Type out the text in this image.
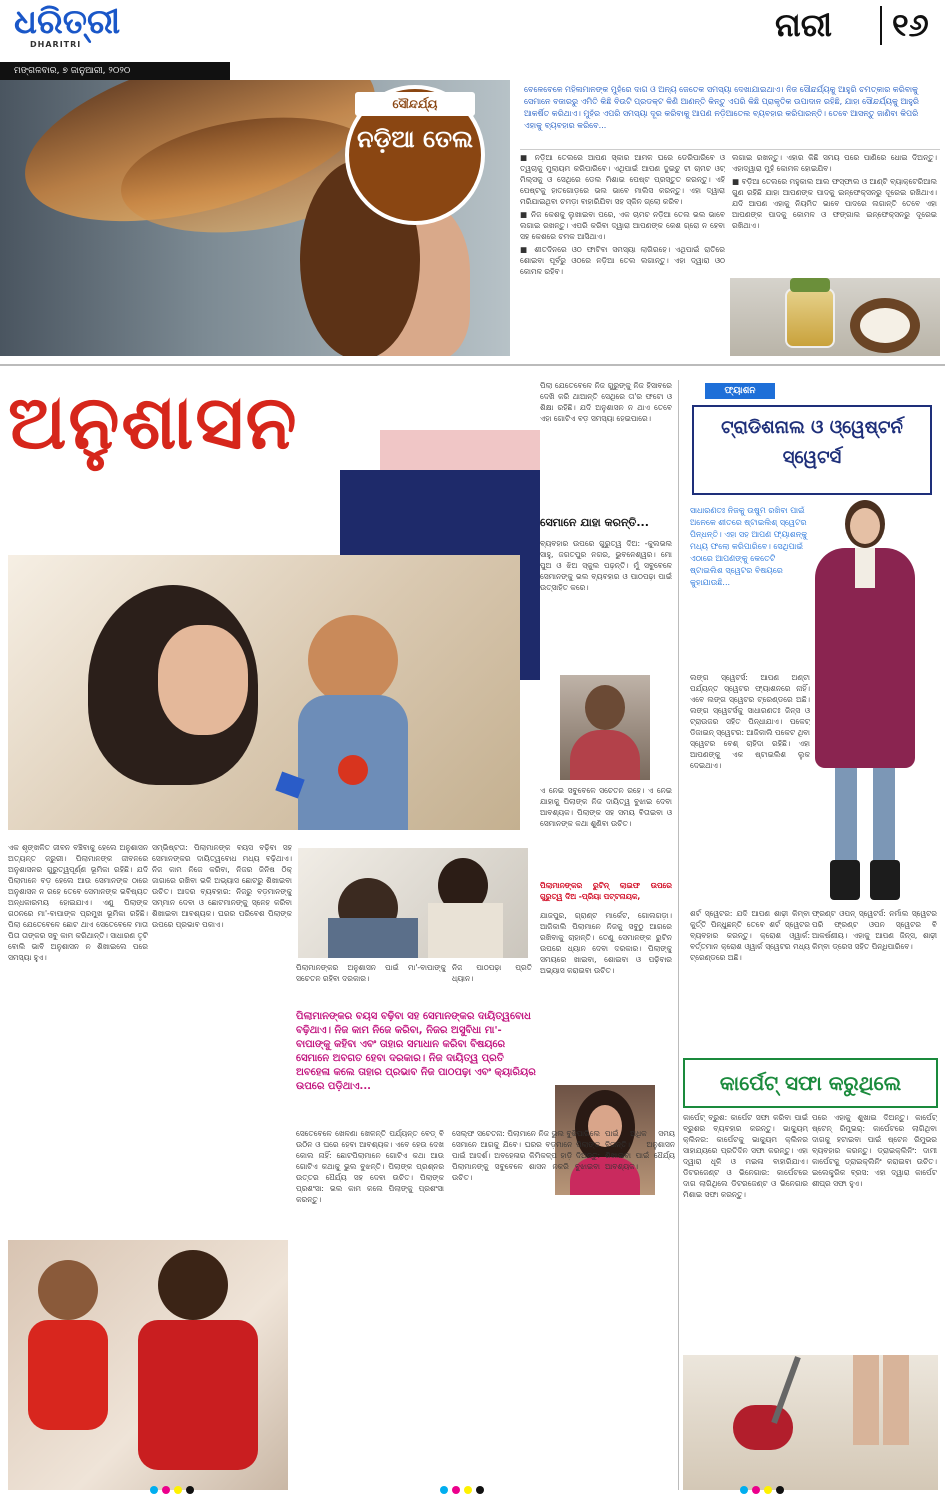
ଧରିତ୍ରୀ
DHARITRI
ନାରୀ	୧୬
ମଙ୍ଗଳବାର, ୭ ଜାନୁଆରୀ, ୨୦୨୦
ସୌନ୍ଦର୍ଯ୍ୟ
ନଡ଼ିଆ ତେଲ
ବେଳେବେଳେ ମହିଳାମାନଙ୍କ ମୁହଁରେ ଦାଗ ଓ ଅନ୍ୟ ଜେତେକ ସମସ୍ୟା ଦେଖାଯାଇଥାଏ। ନିଜ ସୌନ୍ଦର୍ଯ୍ୟକୁ ଆହୁରି ଚମତ୍କାର କରିବାକୁ ସେମାନେ ବଜାରରୁ ଏମିତି କିଛି ବିଉଟି ପ୍ରଡକ୍ଟ କିଣି ଆଣନ୍ତି କିନ୍ତୁ ଏପରି କିଛି ପ୍ରାକୃତିକ ଉପାଦାନ ରହିଛି, ଯାହା ସୌନ୍ଦର୍ଯ୍ୟକୁ ଆହୁରି ଆକର୍ଷିତ କରିଥାଏ। ମୁହଁର ଏପରି ସମସ୍ୟା ଦୂର କରିବାକୁ ଆପଣ ନଡ଼ିଆତେଲ ବ୍ୟବହାର କରିପାରନ୍ତି। ତେବେ ଆସନ୍ତୁ ଜାଣିବା କିପରି ଏହାକୁ ବ୍ୟବହାର କରିବେ...

■ ନଡ଼ିଆ ତେଲରେ ଆପଣ ସ୍କାର ଆମଳ ଘରେ ଡେରିପାରିବେ ଓ ତ୍ୱଚାକୁ ମୁଲାୟମ କରିପାରିବେ। ଏଥିପାଇଁ ଆପଣ ଦୁଇଚୁ ଟୀ ଚାମଚ ଓଟ୍ ମିଲ୍ସକୁ ଓ ସେଥିରେ ଡେଲ ମିଶାଇ ପେଷ୍ଟ ପ୍ରସ୍ତୁତ କରନ୍ତୁ। ଏହି ପେଷ୍ଟକୁ ହାତଗୋଡ଼ରେ ଭଲ ଭାବେ ମାଲିସ କରନ୍ତୁ। ଏହା ଦ୍ୱାରା ମରିଯାଇଥିବା ଚମଡ଼ା ବାହାରିଯିବା ସହ ସ୍କିନ ଗ୍ଲୋ କରିବ।

■ ନିଜ କେଶକୁ ଲୁଖାଇବା ପରେ, ଏକ ଚାମଚ ନଡ଼ିଆ ତେଲ ଭଲ ଭାବେ ଲଗାଇ ରଖନ୍ତୁ। ଏପରି କରିବା ଦ୍ୱାରା ଆପଣଙ୍କ କେଶ ଗ୍ରୋ ନ ହେବା ସହ କେଶରେ ଚମକ ଆସିଥାଏ।

■ ଶୀତଦିନରେ ଓଠ ଫାଟିବା ସମସ୍ୟା ଲାଗିରହେ। ଏଥିପାଇଁ ରାତିରେ ଶୋଇବା ପୂର୍ବରୁ ଓଠରେ ନଡ଼ିଆ ତେଲ ଲଗାନ୍ତୁ। ଏହା ଦ୍ୱାରା ଓଠ କୋମଳ ରହିବ।

ଲଗାଇ ରଖନ୍ତୁ। ଏହାର କିଛି ସମୟ ପରେ ପାଣିରେ ଧୋଇ ଦିଅନ୍ତୁ। ଏହାଦ୍ୱାରା ମୁହଁ କୋମଳ ହୋଇଯିବ।

■ ବଡ଼ିଆ ତେଲରେ ମହୁକାଲ ଆଲ ଫସ୍ଫାଲ ଓ ଆଣ୍ଟି ବ୍ୟାକ୍ଟେରିଆଲ ଗୁଣ ରହିଛି ଯାହା ଆପଣଙ୍କ ପାଦକୁ ଇନ୍ଫେକ୍ସନରୁ ଦୂରେଇ ରଖିଥାଏ। ଯଦି ଆପଣ ଏହାକୁ ନିୟମିତ ଭାବେ ପାଦରେ ଲଗାନ୍ତି ତେବେ ଏହା ଆପଣଙ୍କ ପାଦକୁ କୋମଳ ଓ ଫଙ୍ଗାଲ ଇନ୍ଫେକ୍ସନରୁ ଦୂରେଇ ରଖିଥାଏ।

ଅନୁଶାସନ	ପିଲା ଯେତେବେଳେ ନିଜ ଗୁରୁଙ୍କୁ ନିଜ ହିସାବରେ ଦେଖି କରି ଥାଆନ୍ତି ସେଥିରେ ତା'ର ଫଟୋ ଓ ଶିକ୍ଷା ରହିଛି। ଯଦି ଅନୁଶାସନ ନ ଥାଏ ତେବେ ଏହା ଗୋଟିଏ ବଡ଼ ସମସ୍ୟା ହେଇପାରେ।
ସେମାନେ ଯାହା କରନ୍ତି...
ବ୍ୟବହାର ଉପରେ ଗୁରୁତ୍ୱ ଦିଅ: -କୁଲଭଲ ସାହୁ, ଜଗତପୁର ନଗର, ଭୁବନେଶ୍ୱର। ମୋ ପୁଅ ଓ ଝିଅ ସ୍କୁଲ ପଢ଼ନ୍ତି। ମୁଁ ସବୁବେଳେ ସେମାନଙ୍କୁ ଭଲ ବ୍ୟବହାର ଓ ପାଠପଢ଼ା ପାଇଁ ଉତ୍ସାହିତ କରେ।
ଏ ନେଇ ସବୁବେଳେ ସଚେତନ ରହେ। ଏ ନେଇ ଯାହାକୁ ପିଲାଙ୍କ ନିଜ ଦାୟିତ୍ୱ ବୁଝାଇ ଦେବା ଆବଶ୍ୟକ। ପିଲାଙ୍କ ସହ ସମୟ ବିତାଇବା ଓ ସେମାନଙ୍କ କଥା ଶୁଣିବା ଉଚିତ।
ପିଲାମାନଙ୍କର ରୁଟିନ୍ ଲାଇଫ ଉପରେ ଗୁରୁତ୍ୱ ଦିଅ -ପ୍ରିୟା ପଟ୍ଟନାୟକ,
ଯାଜପୁର, ଗ୍ରାଣ୍ଟ ମାର୍କେଟ, ଗୋଲଗଡ଼ା। ଆଜିକାଲି ପିଲାମାନେ ନିଜକୁ ସବୁଠୁ ଆଗରେ ରଖିବାକୁ ଚାହାନ୍ତି। ତେଣୁ ସେମାନଙ୍କ ରୁଟିନ ଉପରେ ଧ୍ୟାନ ଦେବା ଦରକାର। ପିଲାଙ୍କୁ ସମୟରେ ଖାଇବା, ଶୋଇବା ଓ ପଢ଼ିବାର ଅଭ୍ୟାସ କରାଇବା ଉଚିତ।
ଏକ ଶୃଙ୍ଖଳିତ ଜୀବନ ବଞ୍ଚିବାକୁ ହେଲେ ଅନୁଶାସନ ଅତ୍ୟନ୍ତ ଜରୁରୀ। ପିଲାମାନଙ୍କ ଜୀବନରେ ଅନୁଶାସନର ଗୁରୁତ୍ୱପୂର୍ଣ୍ଣ ଭୂମିକା ରହିଛି। ଯଦି ପିଲାମାନେ ବଡ଼ ହେଲେ ଆଉ ସେମାନଙ୍କ ଠାରେ ଅନୁଶାସନ ନ ରହେ ତେବେ ସେମାନଙ୍କ ଭବିଷ୍ୟତ ଅନ୍ଧକାରମୟ ହୋଇଯାଏ। ଏଣୁ ପିଲାଙ୍କ ଗଠନରେ ମା'-ବାପାଙ୍କ ପ୍ରମୁଖ ଭୂମିକା ରହିଛି। ପିଲା ଯେତେବେଳେ ଛୋଟ ଥାଏ ସେତେବେଳେ ମାତା ପିତା ତାଙ୍କର ସବୁ କାମ କରିଥାନ୍ତି। ସାଧାରଣ ତୃଟି ବୋଲି ଭାବି ଅନୁଶାସନ ନ ଶିଖାଇଲେ ପରେ ସମସ୍ୟା ହୁଏ।
ସମ୍ଭିଷ୍ଟତା: ପିଲାମାନଙ୍କ ବୟସ ବଢ଼ିବା ସହ ସେମାନଙ୍କର ଦାୟିତ୍ୱବୋଧ ମଧ୍ୟ ବଢ଼ିଥାଏ। ନିଜ କାମ ନିଜେ କରିବା, ନିଜର ଜିନିଷ ଠିକ୍ ଜାଗାରେ ରଖିବା ଭଳି ଅଭ୍ୟାସ ଛୋଟରୁ ଶିଖାଇବା ଉଚିତ। ଆଦର ବ୍ୟବହାର: ନିଜରୁ ବଡ଼ମାନଙ୍କୁ ସମ୍ମାନ ଦେବା ଓ ଛୋଟମାନଙ୍କୁ ସ୍ନେହ କରିବା ଶିଖାଇବା ଆବଶ୍ୟକ। ଘରର ପରିବେଶ ପିଲାଙ୍କ ଉପରେ ପ୍ରଭାବ ପକାଏ।
ପିଲାମାନଙ୍କର ଅନୁଶାସନ ପାଇଁ ମା'-ବାପାଙ୍କୁ ସଚେତନ ରହିବା ଦରକାର।
ନିଜ ପାଠପଢ଼ା ପ୍ରତି ଧ୍ୟାନ।
ପିଲାମାନଙ୍କର ବୟସ ବଢ଼ିବା ସହ ସେମାନଙ୍କର ଦାୟିତ୍ୱବୋଧ ବଢ଼ିଥାଏ। ନିଜ କାମ ନିଜେ କରିବା, ନିଜର ଅସୁବିଧା ମା'-ବାପାଙ୍କୁ କହିବା ଏବଂ ତାହାର ସମାଧାନ କରିବା ବିଷୟରେ ସେମାନେ ଅବଗତ ହେବା ଦରକାର। ନିଜ ଦାୟିତ୍ୱ ପ୍ରତି ଅବହେଳା କଲେ ତାହାର ପ୍ରଭାବ ନିଜ ପାଠପଢ଼ା ଏବଂ କ୍ୟାରିୟର ଉପରେ ପଡ଼ିଥାଏ...
ସେତେବେଳେ ଖେଳଣା ଖେଳନ୍ତି ପର୍ଯ୍ୟନ୍ତ ବେଡ୍ ବି ଉଠିନ ଓ ଘରେ ହେବା ଆବଶ୍ୟକ। ଏବେ ହେଉ ଦେଖ କୋଲ ନାହିଁ: ଛୋଟପିଲାମାନେ ଗୋଟିଏ କଥା ଆଉ ଗୋଟିଏ କଥାକୁ ଭୁଲ ବୁଝନ୍ତି। ପିଲାଙ୍କ ପ୍ରଶ୍ନର ଉତ୍ତର ଧୈର୍ଯ୍ୟ ସହ ଦେବା ଉଚିତ। ପିଲାଙ୍କ ପ୍ରଶଂସା: ଭଲ କାମ କଲେ ପିଲାଙ୍କୁ ପ୍ରଶଂସା କରନ୍ତୁ।
ସେଲ୍ଫ ସଚେତନା: ପିଲାମାନେ ନିଜ ଭୁଲ ବୁଝିପାରିଲେ ସେମାନେ ଆଗକୁ ଯିବେ। ଘରର ବଡ଼ମାନେ ପିଲାଙ୍କ ପାଇଁ ଆଦର୍ଶ। ଅବହେଳାର କିମିକଳ୍ପ ହାଡ଼ି ଦିଅନ୍ତୁ: ପିଲାମାନଙ୍କୁ ସବୁବେଳେ ଶାସନ ନକରି ବୁଝାଇବା ଉଚିତ।
ପାଇଁ ଅଧିକ ସମୟ ବିତାନ୍ତି। ଅନୁଶାସନ ଶିଖାଇବା ପାଇଁ ଧୈର୍ଯ୍ୟ ଆବଶ୍ୟକ।
ଫ୍ୟାଶନ
ଟ୍ରାଡିଶନାଲ ଓ ଓ୍ୱେଷ୍ଟର୍ନ ସ୍ୱେଟର୍ସ
ସାଧାରଣତଃ ନିଜକୁ ଉଷୁମ ରଖିବା ପାଇଁ ଅନେକେ ଶୀତରେ ଷ୍ଟାଇଲିଶ୍ ସ୍ୱେଟର ପିନ୍ଧନ୍ତି। ଏହା ସହ ଆପଣ ଫ୍ୟାଶନ୍‌କୁ ମଧ୍ୟ ଫଲୋ କରିପାରିବେ। ସେଥିପାଇଁ ଏଠାରେ ଆପଣଙ୍କୁ କେତେଟି ଷ୍ଟାଇଲିଶ ସ୍ୱେଟର ବିଷୟରେ କୁହାଯାଉଛି...
ଲଙ୍ଗ ସ୍ୱେଟର୍ସ: ଆପଣ ଅଣ୍ଟା ପର୍ଯ୍ୟନ୍ତ ସ୍ୱେଟର ଫ୍ୟାଶନରେ ନାହିଁ। ଏବେ ଲଙ୍ଗ ସ୍ୱେଟର ଟ୍ରେଣ୍ଡରେ ଅଛି। ଲଙ୍ଗ ସ୍ୱେଟର୍ସକୁ ସାଧାରଣତଃ ଜିନ୍ସ ଓ ଟ୍ରାଉଜର ସହିତ ପିନ୍ଧାଯାଏ। ପକେଟ୍ ଡିଜାଇନ୍ ସ୍ୱେଟର: ଆଜିକାଲି ପକେଟ ଥିବା ସ୍ୱେଟର ବେଶ୍ ଚାହିଦା ରହିଛି। ଏହା ଆପଣଙ୍କୁ ଏକ ଷ୍ଟାଇଲିଶ ଲୁକ ଦେଇଥାଏ।
ଶର୍ଟ ସ୍ୱେଟର: ଯଦି ଆପଣ ଶାଢ଼ୀ କିମ୍ବା କୁର୍ତ୍ତି ପିନ୍ଧୁଛନ୍ତି ତେବେ ଶର୍ଟ ସ୍ୱେଟର ବ୍ୟବହାର କରନ୍ତୁ। କ୍ରୋଶ ଓ୍ୱାର୍କ: ବର୍ତ୍ତମାନ କ୍ରୋଶ ଓ୍ୱାର୍କ ସ୍ୱେଟର ମଧ୍ୟ ଟ୍ରେଣ୍ଡରେ ଅଛି।
ଫ୍ରଣ୍ଟ ଓପନ୍ ସ୍ୱେଟର୍ସ: ନର୍ମାଲ ସ୍ୱେଟର ପରି ଫ୍ରଣ୍ଟ ଓପନ ସ୍ୱେଟର ବି ଆକର୍ଷଣୀୟ। ଏହାକୁ ଆପଣ ଜିନ୍ସ, ଶାଢ଼ୀ କିମ୍ବା ଡ୍ରେସ ସହିତ ପିନ୍ଧିପାରିବେ।
କାର୍ପେଟ୍ ସଫା କରୁଥିଲେ
କାର୍ପେଟ୍ ବ୍ରୁଶ: କାର୍ପେଟ ସଫା କରିବା ପାଇଁ ବ୍ରୁଶର ବ୍ୟବହାର କରନ୍ତୁ। ଭାକ୍ୟୁମ୍ କ୍ଲିନର: କାର୍ପେଟକୁ ଭାକ୍ୟୁମ କ୍ଲିନର ସାହାଯ୍ୟରେ ପ୍ରତିଦିନ ସଫା କରନ୍ତୁ। ଏହା ଦ୍ୱାରା ଧୂଳି ଓ ମଇଳା ବାହାରିଯାଏ। ଡିଟରଜେଣ୍ଟ ଓ ଭିନେଗାର: କାର୍ପେଟରେ ଦାଗ ଲାଗିଥିଲେ ଡିଟରଜେଣ୍ଟ ଓ ଭିନେଗାର ମିଶାଇ ସଫା କରନ୍ତୁ।
ପରେ ଏହାକୁ ଶୁଖାଇ ଦିଅନ୍ତୁ। କାର୍ପେଟ୍ ଷ୍ଟେନ୍ ରିମୁଭର୍: କାର୍ପେଟରେ ଲାଗିଥିବା ଦାଗକୁ ହଟାଇବା ପାଇଁ ଷ୍ଟେନ ରିମୁଭର ବ୍ୟବହାର କରନ୍ତୁ। ଡ୍ରାଇକ୍ଲିନିଂ: ଦାମୀ କାର୍ପେଟକୁ ଡ୍ରାଇକ୍ଲିନିଂ କରାଇବା ଉଚିତ। ଇଲେକ୍ଟ୍ରିକ ବ୍ରସ: ଏହା ଦ୍ୱାରା କାର୍ପେଟ ଶୀଘ୍ର ସଫା ହୁଏ।
